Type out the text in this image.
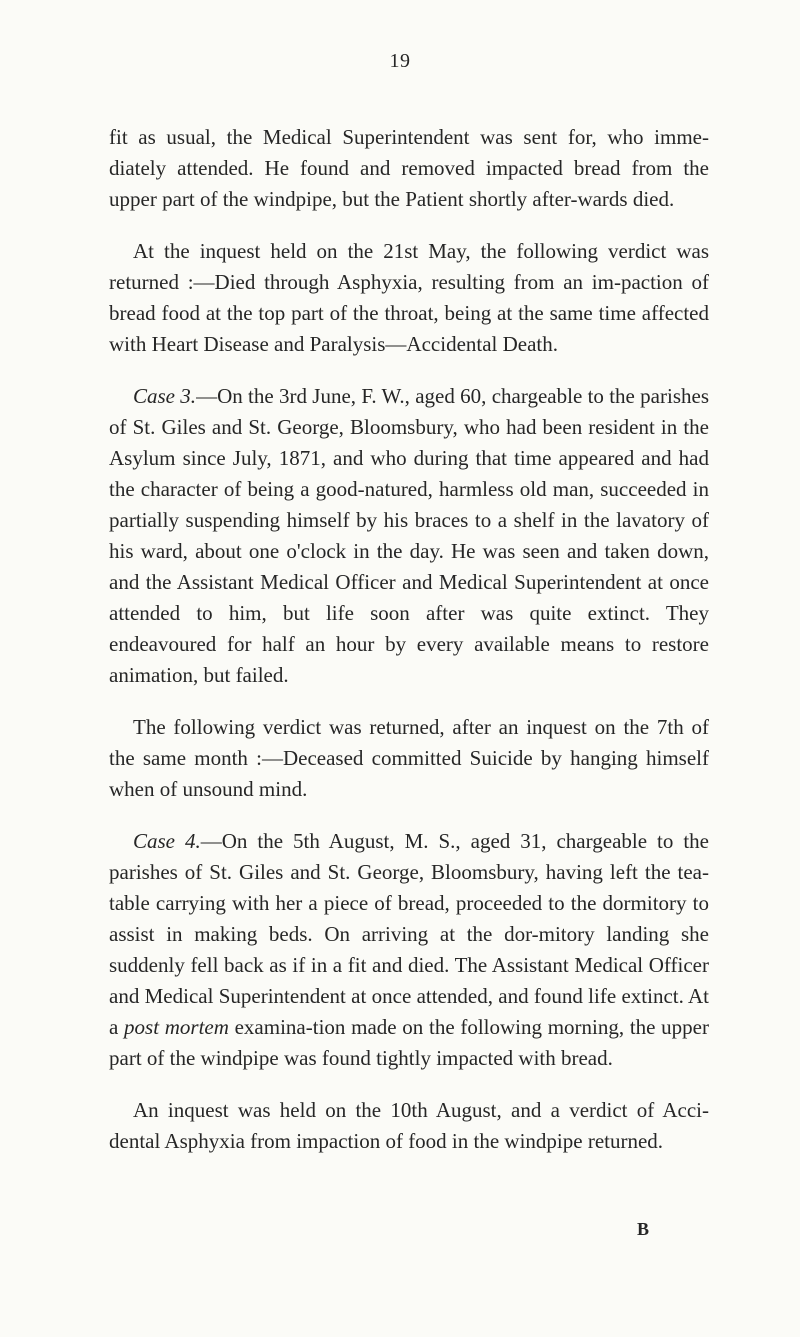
19

fit as usual, the Medical Superintendent was sent for, who imme-diately attended. He found and removed impacted bread from the upper part of the windpipe, but the Patient shortly after-wards died.

At the inquest held on the 21st May, the following verdict was returned :—Died through Asphyxia, resulting from an im-paction of bread food at the top part of the throat, being at the same time affected with Heart Disease and Paralysis—Accidental Death.

Case 3.—On the 3rd June, F. W., aged 60, chargeable to the parishes of St. Giles and St. George, Bloomsbury, who had been resident in the Asylum since July, 1871, and who during that time appeared and had the character of being a good-natured, harmless old man, succeeded in partially suspending himself by his braces to a shelf in the lavatory of his ward, about one o'clock in the day. He was seen and taken down, and the Assistant Medical Officer and Medical Superintendent at once attended to him, but life soon after was quite extinct. They endeavoured for half an hour by every available means to restore animation, but failed.

The following verdict was returned, after an inquest on the 7th of the same month :—Deceased committed Suicide by hanging himself when of unsound mind.

Case 4.—On the 5th August, M. S., aged 31, chargeable to the parishes of St. Giles and St. George, Bloomsbury, having left the tea-table carrying with her a piece of bread, proceeded to the dormitory to assist in making beds. On arriving at the dor-mitory landing she suddenly fell back as if in a fit and died. The Assistant Medical Officer and Medical Superintendent at once attended, and found life extinct. At a post mortem examina-tion made on the following morning, the upper part of the windpipe was found tightly impacted with bread.

An inquest was held on the 10th August, and a verdict of Acci-dental Asphyxia from impaction of food in the windpipe returned.

B
